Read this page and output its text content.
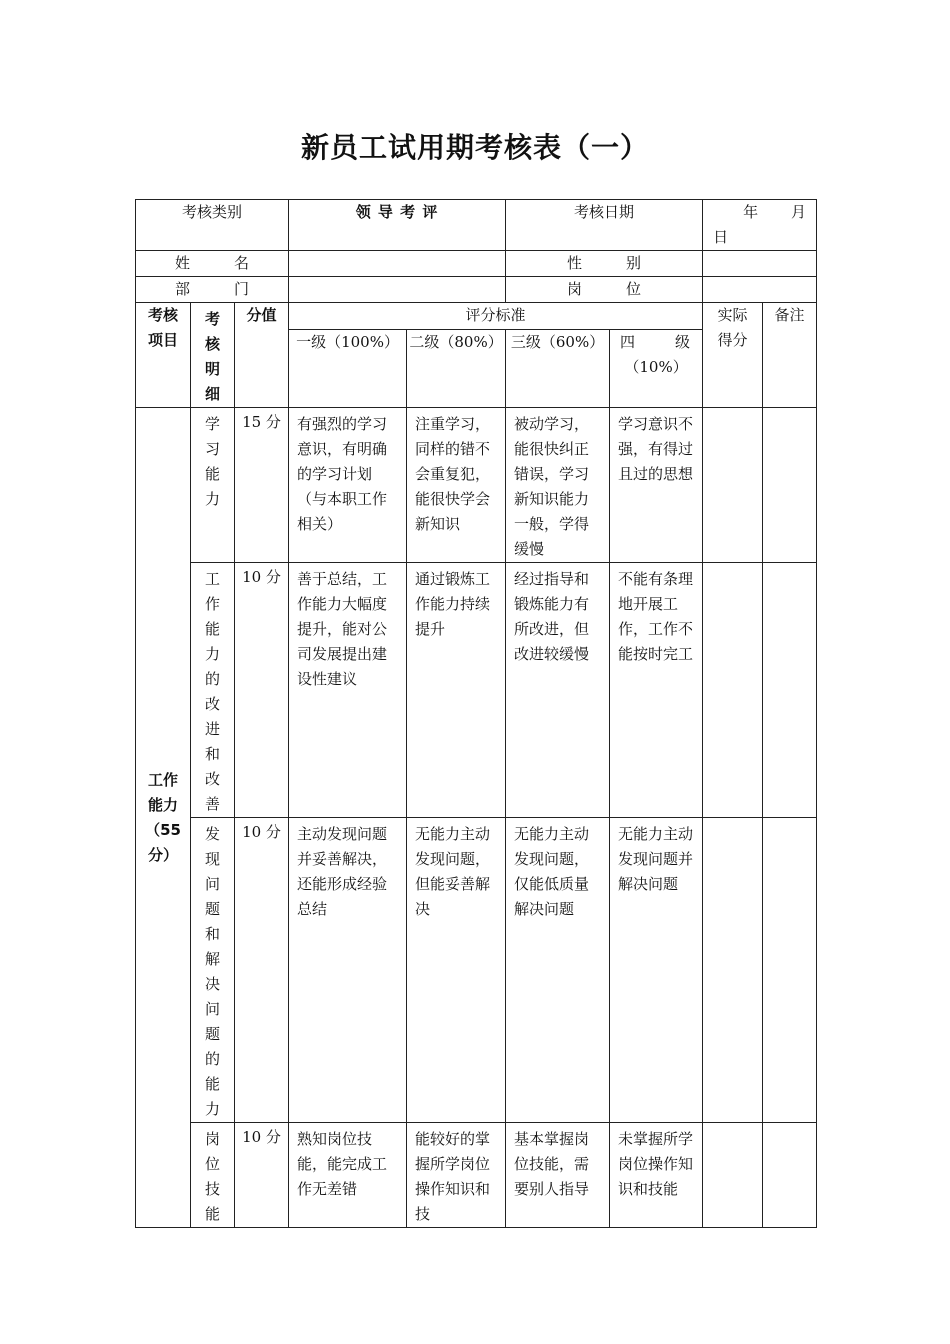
新员工试用期考核表（一）
考核类别			领 导 考 评		考核日期		年 月
日	

姓 名					性 别			

部 门					岗 位			

考核项目	考核明细	分值	评分标准				实际得分	备注
			一级（100%）	二级（80%）	三级（60%）	四 级
（10%）		

工作能力（55分）	学习能力	15 分	有强烈的学习意识，有明确的学习计划（与本职工作相关）	注重学习，同样的错不会重复犯，能很快学会新知识	被动学习，能很快纠正错误，学习新知识能力一般，学得缓慢	学习意识不强，有得过且过的思想		

	工作能力的改进和改善	10 分	善于总结，工作能力大幅度提升，能对公司发展提出建设性建议	通过锻炼工作能力持续提升	经过指导和锻炼能力有所改进，但改进较缓慢	不能有条理地开展工作，工作不能按时完工		

	发现问题和解决问题的能力	10 分	主动发现问题并妥善解决，还能形成经验总结	无能力主动发现问题，但能妥善解决	无能力主动发现问题，仅能低质量解决问题	无能力主动发现问题并解决问题		

	岗位技能	10 分	熟知岗位技能，能完成工作无差错	能较好的掌握所学岗位操作知识和技	基本掌握岗位技能，需要别人指导	未掌握所学岗位操作知识和技能		
